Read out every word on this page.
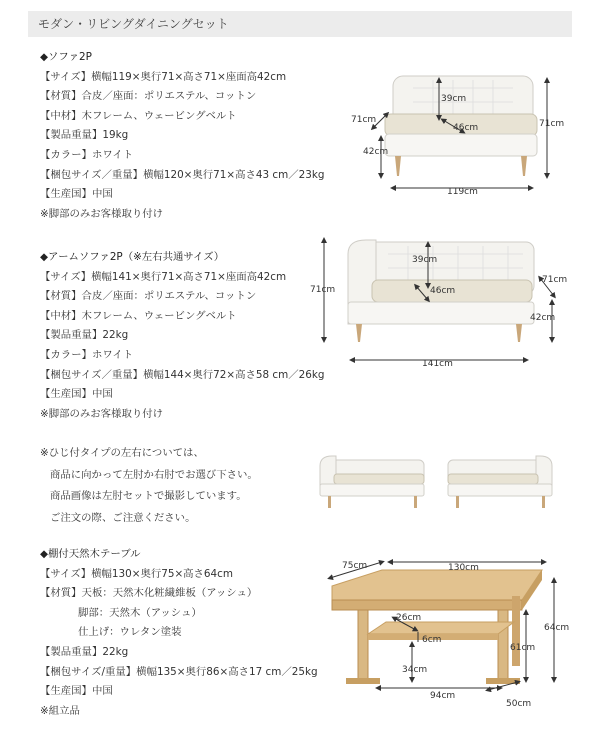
モダン・リビングダイニングセット
◆ソファ2P
【サイズ】横幅119×奥行71×高さ71×座面高42cm
【材質】合皮／座面：ポリエステル、コットン
【中材】木フレーム、ウェービングベルト
【製品重量】19kg
【カラー】ホワイト
【梱包サイズ／重量】横幅120×奥行71×高さ43 cm／23kg
【生産国】中国
※脚部のみお客様取り付け
39cm
46cm
71cm
42cm
71cm
119cm
◆アームソファ2P（※左右共通サイズ）
【サイズ】横幅141×奥行71×高さ71×座面高42cm
【材質】合皮／座面：ポリエステル、コットン
【中材】木フレーム、ウェービングベルト
【製品重量】22kg
【カラー】ホワイト
【梱包サイズ／重量】横幅144×奥行72×高さ58 cm／26kg
【生産国】中国
※脚部のみお客様取り付け
71cm
39cm
46cm
71cm
42cm
141cm
※ひじ付タイプの左右については、
商品に向かって左肘か右肘でお選び下さい。
商品画像は左肘セットで撮影しています。
ご注文の際、ご注意ください。
◆棚付天然木テーブル
【サイズ】横幅130×奥行75×高さ64cm
【材質】天板：天然木化粧繊維板（アッシュ）
脚部：天然木（アッシュ）
仕上げ：ウレタン塗装
【製品重量】22kg
【梱包サイズ/重量】横幅135×奥行86×高さ17 cm／25kg
【生産国】中国
※組立品
75cm	130cm
26cm
6cm
34cm
61cm
64cm
94cm
50cm
